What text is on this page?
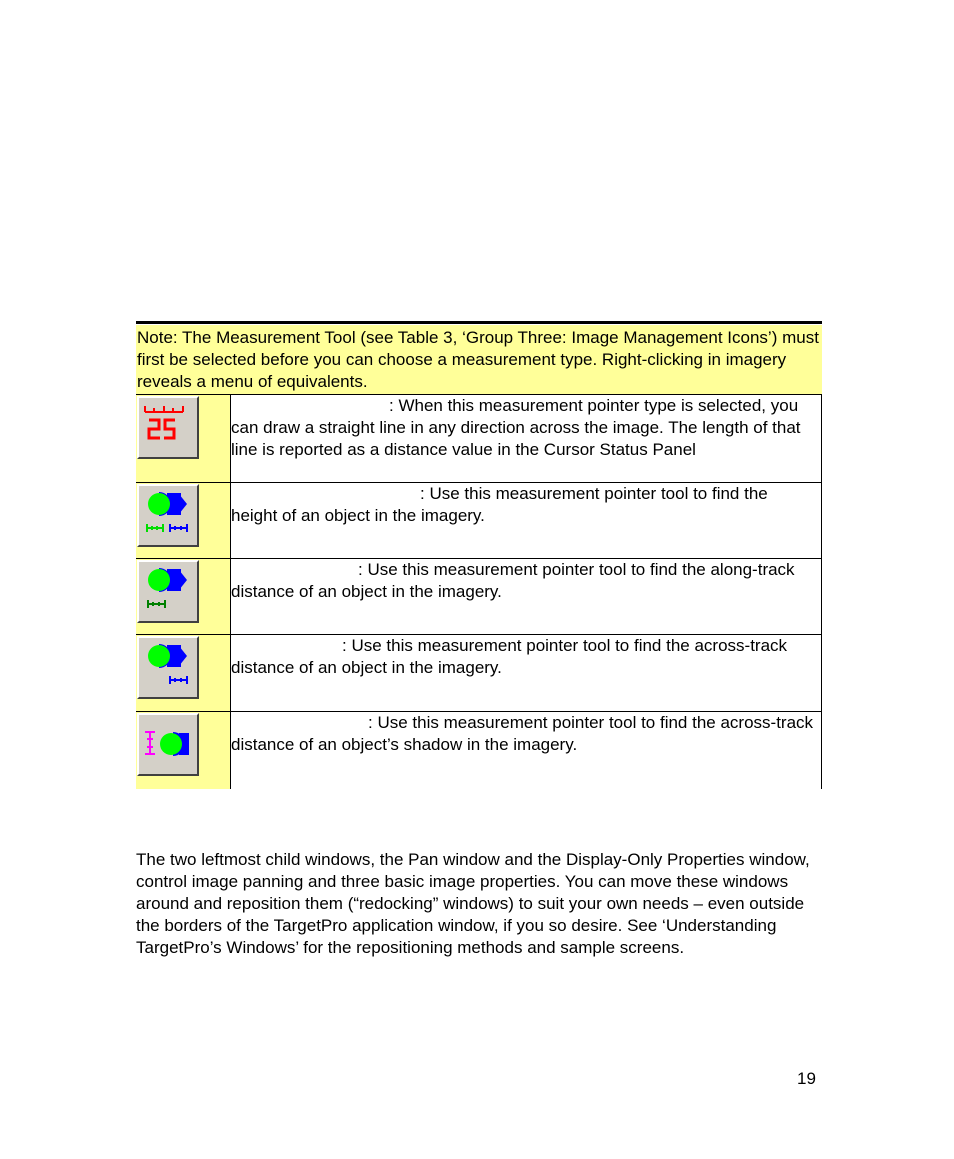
Note: The Measurement Tool (see Table 3, ‘Group Three: Image Management Icons’) must first be selected before you can choose a measurement type. Right-clicking in imagery reveals a menu of equivalents.
: When this measurement pointer type is selected, you can draw a straight line in any direction across the image. The length of that line is reported as a distance value in the Cursor Status Panel
: Use this measurement pointer tool to find the height of an object in the imagery.
: Use this measurement pointer tool to find the along-track distance of an object in the imagery.
: Use this measurement pointer tool to find the across-track distance of an object in the imagery.
: Use this measurement pointer tool to find the across-track distance of an object’s shadow in the imagery.
The two leftmost child windows, the Pan window and the Display-Only Properties window, control image panning and three basic image properties. You can move these windows around and reposition them (“redocking” windows) to suit your own needs – even outside the borders of the TargetPro application window, if you so desire. See ‘Understanding TargetPro’s Windows’ for the repositioning methods and sample screens.
19
